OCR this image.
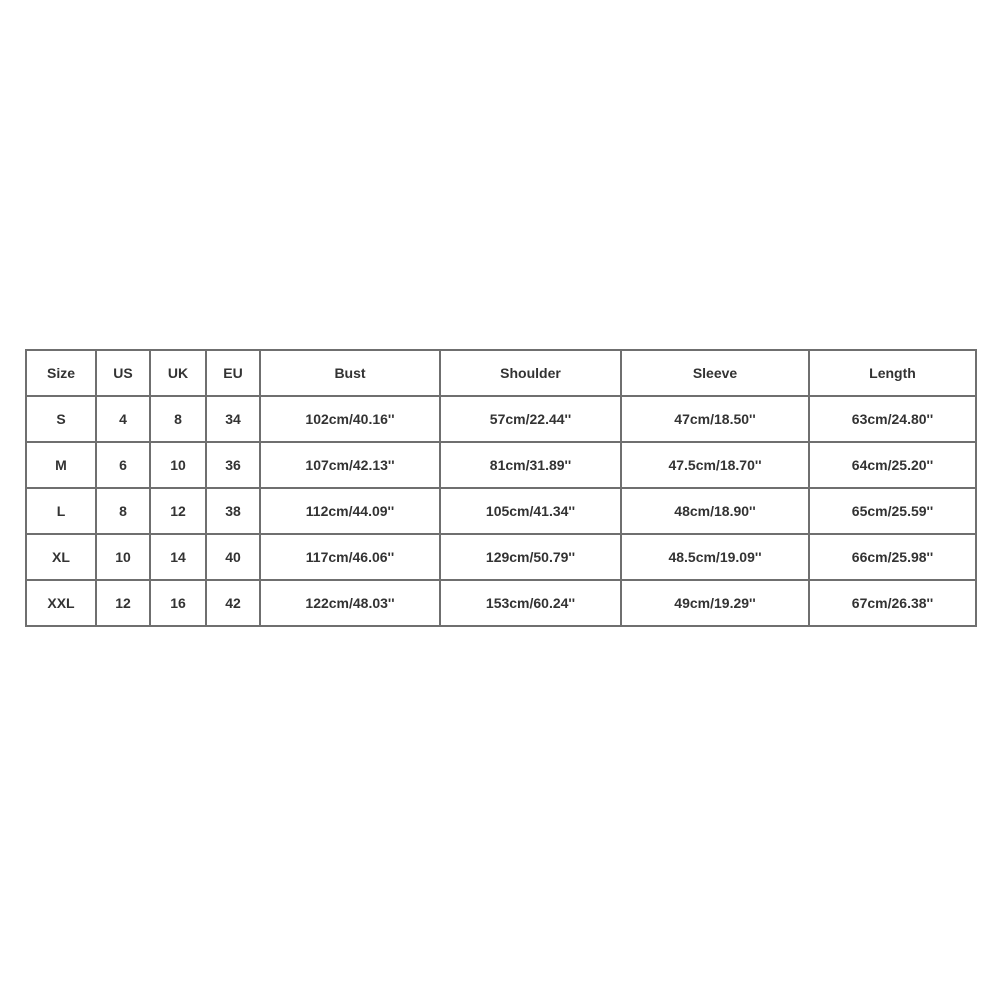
Size	US	UK	EU	Bust	Shoulder	Sleeve	Length
S	4	8	34	102cm/40.16''	57cm/22.44''	47cm/18.50''	63cm/24.80''
M	6	10	36	107cm/42.13''	81cm/31.89''	47.5cm/18.70''	64cm/25.20''
L	8	12	38	112cm/44.09''	105cm/41.34''	48cm/18.90''	65cm/25.59''
XL	10	14	40	117cm/46.06''	129cm/50.79''	48.5cm/19.09''	66cm/25.98''
XXL	12	16	42	122cm/48.03''	153cm/60.24''	49cm/19.29''	67cm/26.38''
